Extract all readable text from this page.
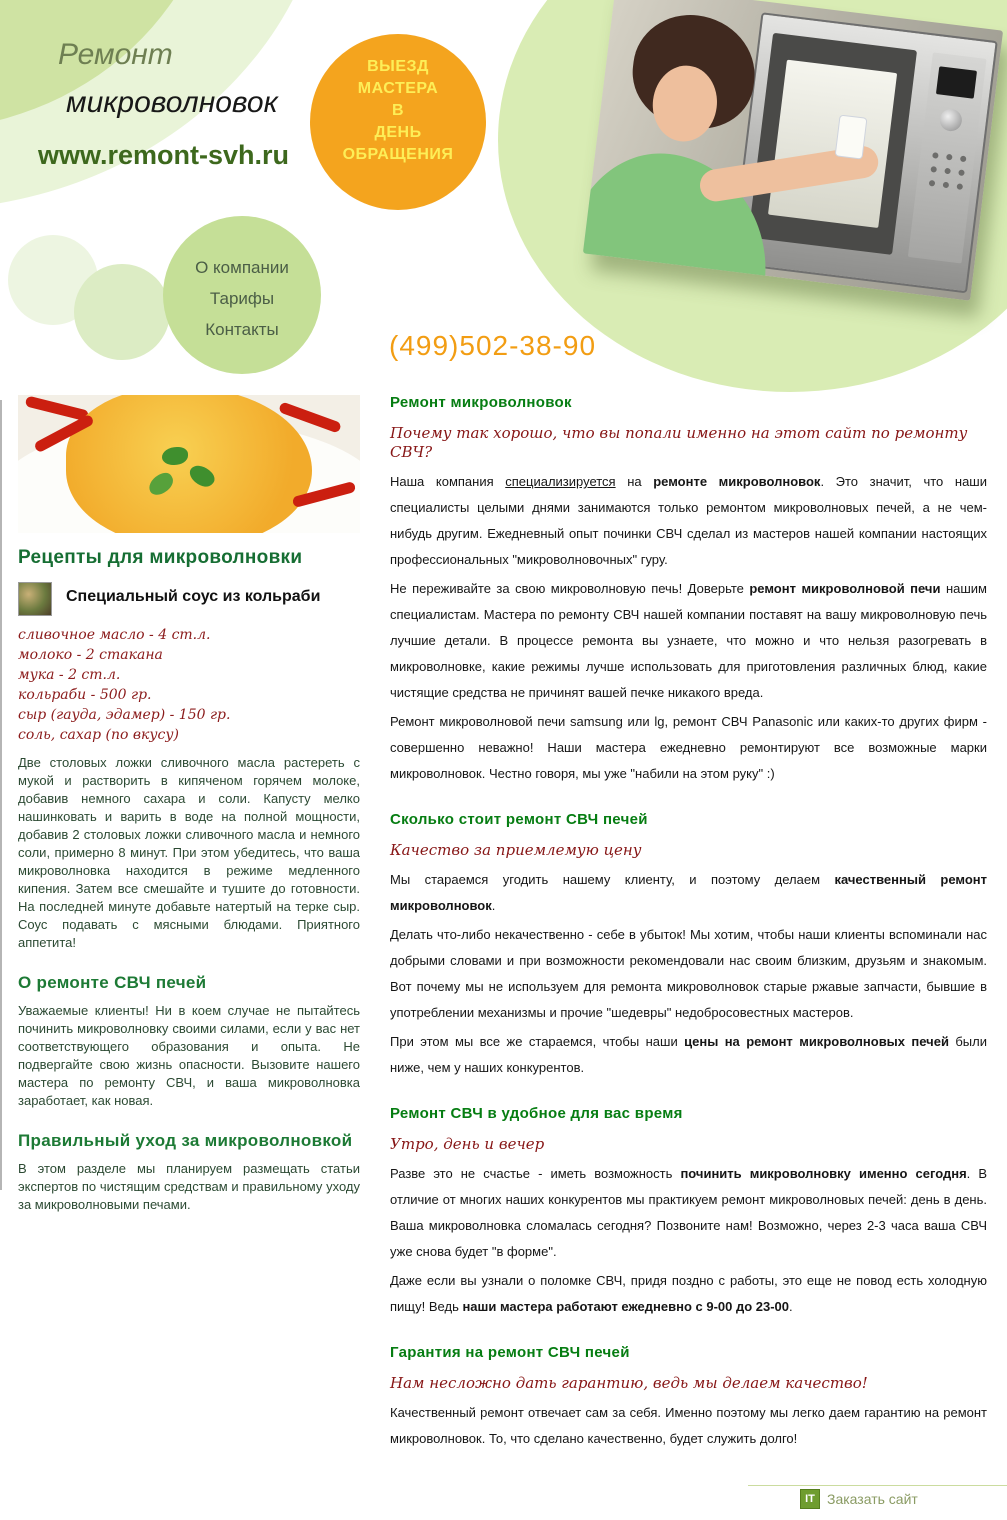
Ремонт
микроволновок
www.remont-svh.ru
ВЫЕЗД
МАСТЕРА
В
ДЕНЬ
ОБРАЩЕНИЯ
О компании
Тарифы
Контакты
(499)502-38-90
Рецепты для микроволновки
Специальный соус из кольраби
сливочное масло - 4 ст.л.
молоко - 2 стакана
мука - 2 ст.л.
кольраби - 500 гр.
сыр (гауда, эдамер) - 150 гр.
соль, сахар (по вкусу)
Две столовых ложки сливочного масла растереть с мукой и растворить в кипяченом горячем молоке, добавив немного сахара и соли. Капусту мелко нашинковать и варить в воде на полной мощности, добавив 2 столовых ложки сливочного масла и немного соли, примерно 8 минут. При этом убедитесь, что ваша микроволновка находится в режиме медленного кипения. Затем все смешайте и тушите до готовности. На последней минуте добавьте натертый на терке сыр. Соус подавать с мясными блюдами. Приятного аппетита!
О ремонте СВЧ печей
Уважаемые клиенты! Ни в коем случае не пытайтесь починить микроволновку своими силами, если у вас нет соответствующего образования и опыта. Не подвергайте свою жизнь опасности. Вызовите нашего мастера по ремонту СВЧ, и ваша микроволновка заработает, как новая.
Правильный уход за микроволновкой
В этом разделе мы планируем размещать статьи экспертов по чистящим средствам и правильному уходу за микроволновыми печами.
Ремонт микроволновок
Почему так хорошо, что вы попали именно на этот сайт по ремонту СВЧ?

Наша компания специализируется на ремонте микроволновок. Это значит, что наши специалисты целыми днями занимаются только ремонтом микроволновых печей, а не чем-нибудь другим. Ежедневный опыт починки СВЧ сделал из мастеров нашей компании настоящих профессиональных "микроволновочных" гуру.

Не переживайте за свою микроволновую печь! Доверьте ремонт микроволновой печи нашим специалистам. Мастера по ремонту СВЧ нашей компании поставят на вашу микроволновую печь лучшие детали. В процессе ремонта вы узнаете, что можно и что нельзя разогревать в микроволновке, какие режимы лучше использовать для приготовления различных блюд, какие чистящие средства не причинят вашей печке никакого вреда.

Ремонт микроволновой печи samsung или lg, ремонт СВЧ Panasonic или каких-то других фирм - совершенно неважно! Наши мастера ежедневно ремонтируют все возможные марки микроволновок. Честно говоря, мы уже "набили на этом руку" :)

Сколько стоит ремонт СВЧ печей
Качество за приемлемую цену

Мы стараемся угодить нашему клиенту, и поэтому делаем качественный ремонт микроволновок.

Делать что-либо некачественно - себе в убыток! Мы хотим, чтобы наши клиенты вспоминали нас добрыми словами и при возможности рекомендовали нас своим близким, друзьям и знакомым. Вот почему мы не используем для ремонта микроволновок старые ржавые запчасти, бывшие в употреблении механизмы и прочие "шедевры" недобросовестных мастеров.

При этом мы все же стараемся, чтобы наши цены на ремонт микроволновых печей были ниже, чем у наших конкурентов.

Ремонт СВЧ в удобное для вас время
Утро, день и вечер

Разве это не счастье - иметь возможность починить микроволновку именно сегодня. В отличие от многих наших конкурентов мы практикуем ремонт микроволновых печей: день в день. Ваша микроволновка сломалась сегодня? Позвоните нам! Возможно, через 2-3 часа ваша СВЧ уже снова будет "в форме".

Даже если вы узнали о поломке СВЧ, придя поздно с работы, это еще не повод есть холодную пищу! Ведь наши мастера работают ежедневно с 9-00 до 23-00.

Гарантия на ремонт СВЧ печей
Нам несложно дать гарантию, ведь мы делаем качество!

Качественный ремонт отвечает сам за себя. Именно поэтому мы легко даем гарантию на ремонт микроволновок. То, что сделано качественно, будет служить долго!

IT Заказать сайт
